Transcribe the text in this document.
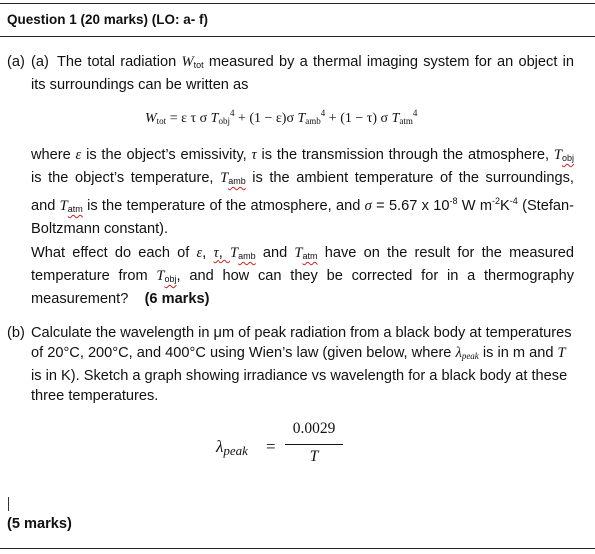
Question 1 (20 marks) (LO: a- f)
(a) (a) The total radiation $W_{tot}$ measured by a thermal imaging system for an object in its surroundings can be written as
$W_{tot} = \varepsilon$ τ σ $T_{obj}^4 + (1 - \varepsilon)\sigma$ $T_{amb}^4 + (1 - \tau)$ σ $T_{atm}^4$
where ε is the object’s emissivity, τ is the transmission through the atmosphere, $T_{obj}$ is the object’s temperature, $T_{amb}$ is the ambient temperature of the surroundings, and $T_{atm}$ is the temperature of the atmosphere, and σ = 5.67 x $10^{-8}$ W $m^{-2}K^{-4}$ (Stefan-Boltzmann constant).
What effect do each of ε, τ, $T_{amb}$ and $T_{atm}$ have on the result for the measured temperature from $T_{obj}$, and how can they be corrected for in a thermography measurement? (6 marks)
(b) Calculate the wavelength in μm of peak radiation from a black body at temperatures of 20°C, 200°C, and 400°C using Wien’s law (given below, where $\lambda_{peak}$ is in m and T is in K). Sketch a graph showing irradiance vs wavelength for a black body at these three temperatures.
λpeak =
0.0029
T
(5 marks)
